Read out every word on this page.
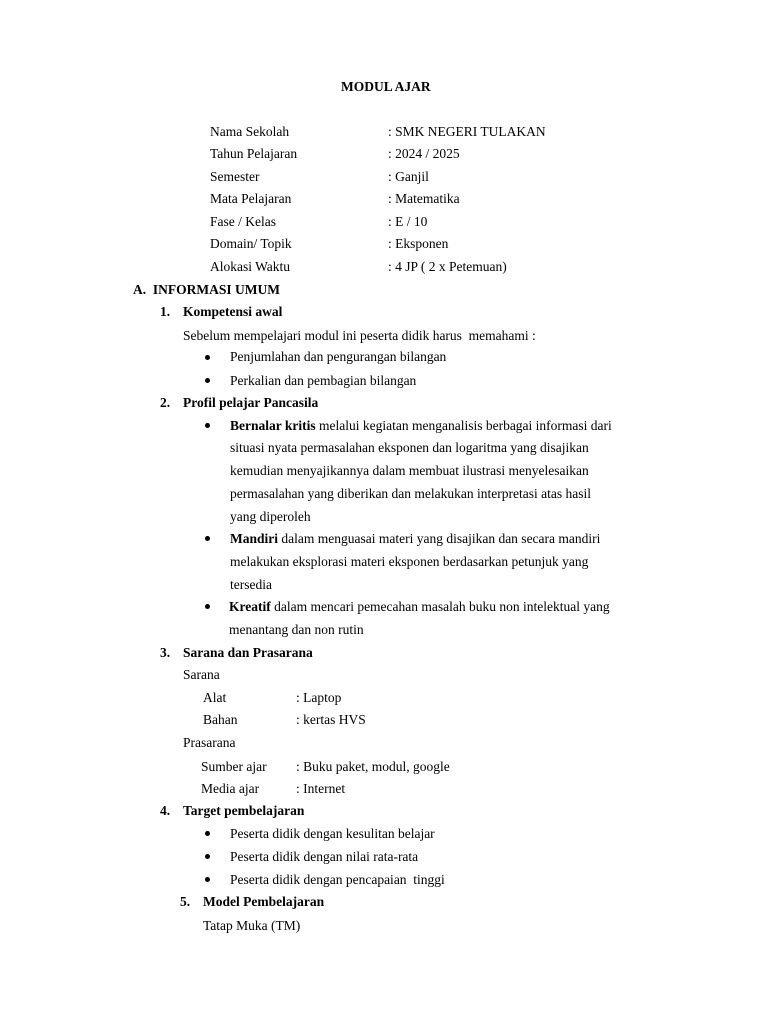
MODUL AJAR
Nama Sekolah	: SMK NEGERI TULAKAN
Tahun Pelajaran	: 2024 / 2025
Semester	: Ganjil
Mata Pelajaran	: Matematika
Fase / Kelas	: E / 10
Domain/ Topik	: Eksponen
Alokasi Waktu	: 4 JP ( 2 x Petemuan)
A.  INFORMASI UMUM
1. Kompetensi awal
Sebelum mempelajari modul ini peserta didik harus  memahami :
Penjumlahan dan pengurangan bilangan
Perkalian dan pembagian bilangan
2. Profil pelajar Pancasila
Bernalar kritis melalui kegiatan menganalisis berbagai informasi dari
situasi nyata permasalahan eksponen dan logaritma yang disajikan
kemudian menyajikannya dalam membuat ilustrasi menyelesaikan
permasalahan yang diberikan dan melakukan interpretasi atas hasil
yang diperoleh
Mandiri dalam menguasai materi yang disajikan dan secara mandiri
melakukan eksplorasi materi eksponen berdasarkan petunjuk yang
tersedia
Kreatif dalam mencari pemecahan masalah buku non intelektual yang
menantang dan non rutin
3. Sarana dan Prasarana
Sarana
Alat	: Laptop
Bahan	: kertas HVS
Prasarana
Sumber ajar : Buku paket, modul, google
Media ajar	: Internet
4. Target pembelajaran
Peserta didik dengan kesulitan belajar
Peserta didik dengan nilai rata-rata
Peserta didik dengan pencapaian  tinggi
5. Model Pembelajaran
Tatap Muka (TM)
